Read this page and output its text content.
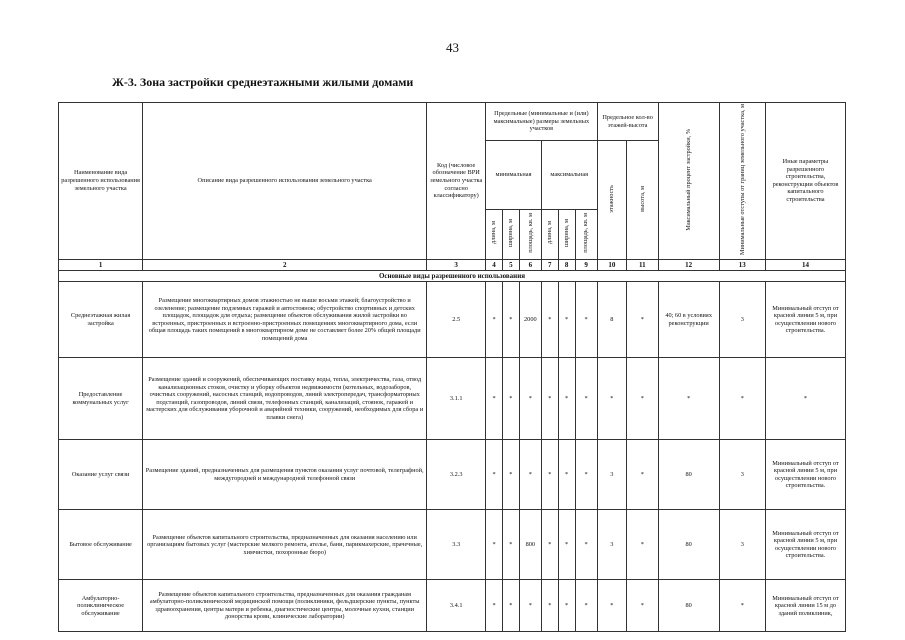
43
Ж-3. Зона застройки среднеэтажными жилыми домами
Наименование вида разрешенного использования земельного участка	Описание вида разрешенного использования земельного участка	Код (числовое обозначение ВРИ земельного участка согласно классификатору)	Предельные (минимальные и (или) максимальные) размеры земельных участков						Предельное кол-во этажей-высота		Максимальный процент застройки, %	Минимальные отступы от границ земельного участка, м	Иные параметры разрешенного строительства, реконструкции объектов капитального строительства
			минимальная			максимальная			этажность	высота, м			
			длина, м	ширина, м	площадь, кв. м	длина, м	ширина, м	площадь, кв. м					
1	2	3	4	5	6	7	8	9	10	11	12	13	14
Основные виды разрешенного использования													
Среднеэтажная жилая застройка	Размещение многоквартирных домов этажностью не выше восьми этажей; благоустройство и озеленение; размещение подземных гаражей и автостоянок; обустройство спортивных и детских площадок, площадок для отдыха; размещение объектов обслуживания жилой застройки во встроенных, пристроенных и встроенно-пристроенных помещениях многоквартирного дома, если общая площадь таких помещений в многоквартирном доме не составляет более 20% общей площади помещений дома	2.5	*	*	2000	*	*	*	8	*	40; 60 в условиях реконструкции	3	Минимальный отступ от красной линии 5 м, при осуществлении нового строительства.
Предоставление коммунальных услуг	Размещение зданий и сооружений, обеспечивающих поставку воды, тепла, электричества, газа, отвод канализационных стоков, очистку и уборку объектов недвижимости (котельных, водозаборов, очистных сооружений, насосных станций, водопроводов, линий электропередач, трансформаторных подстанций, газопроводов, линий связи, телефонных станций, канализаций, стоянок, гаражей и мастерских для обслуживания уборочной и аварийной техники, сооружений, необходимых для сбора и плавки снега)	3.1.1	*	*	*	*	*	*	*	*	*	*	*
Оказание услуг связи	Размещение зданий, предназначенных для размещения пунктов оказания услуг почтовой, телеграфной, междугородней и международной телефонной связи	3.2.3	*	*	*	*	*	*	3	*	80	3	Минимальный отступ от красной линии 5 м, при осуществлении нового строительства.
Бытовое обслуживание	Размещение объектов капитального строительства, предназначенных для оказания населению или организациям бытовых услуг (мастерские мелкого ремонта, ателье, бани, парикмахерские, прачечные, химчистки, похоронные бюро)	3.3	*	*	800	*	*	*	3	*	80	3	Минимальный отступ от красной линии 5 м, при осуществлении нового строительства.
Амбулаторно-поликлиническое обслуживание	Размещение объектов капитального строительства, предназначенных для оказания гражданам амбулаторно-поликлинической медицинской помощи (поликлиники, фельдшерские пункты, пункты здравоохранения, центры матери и ребенка, диагностические центры, молочные кухни, станции донорства крови, клинические лаборатории)	3.4.1	*	*	*	*	*	*	*	*	80	*	Минимальный отступ от красной линии 15 м до зданий поликлиник,
